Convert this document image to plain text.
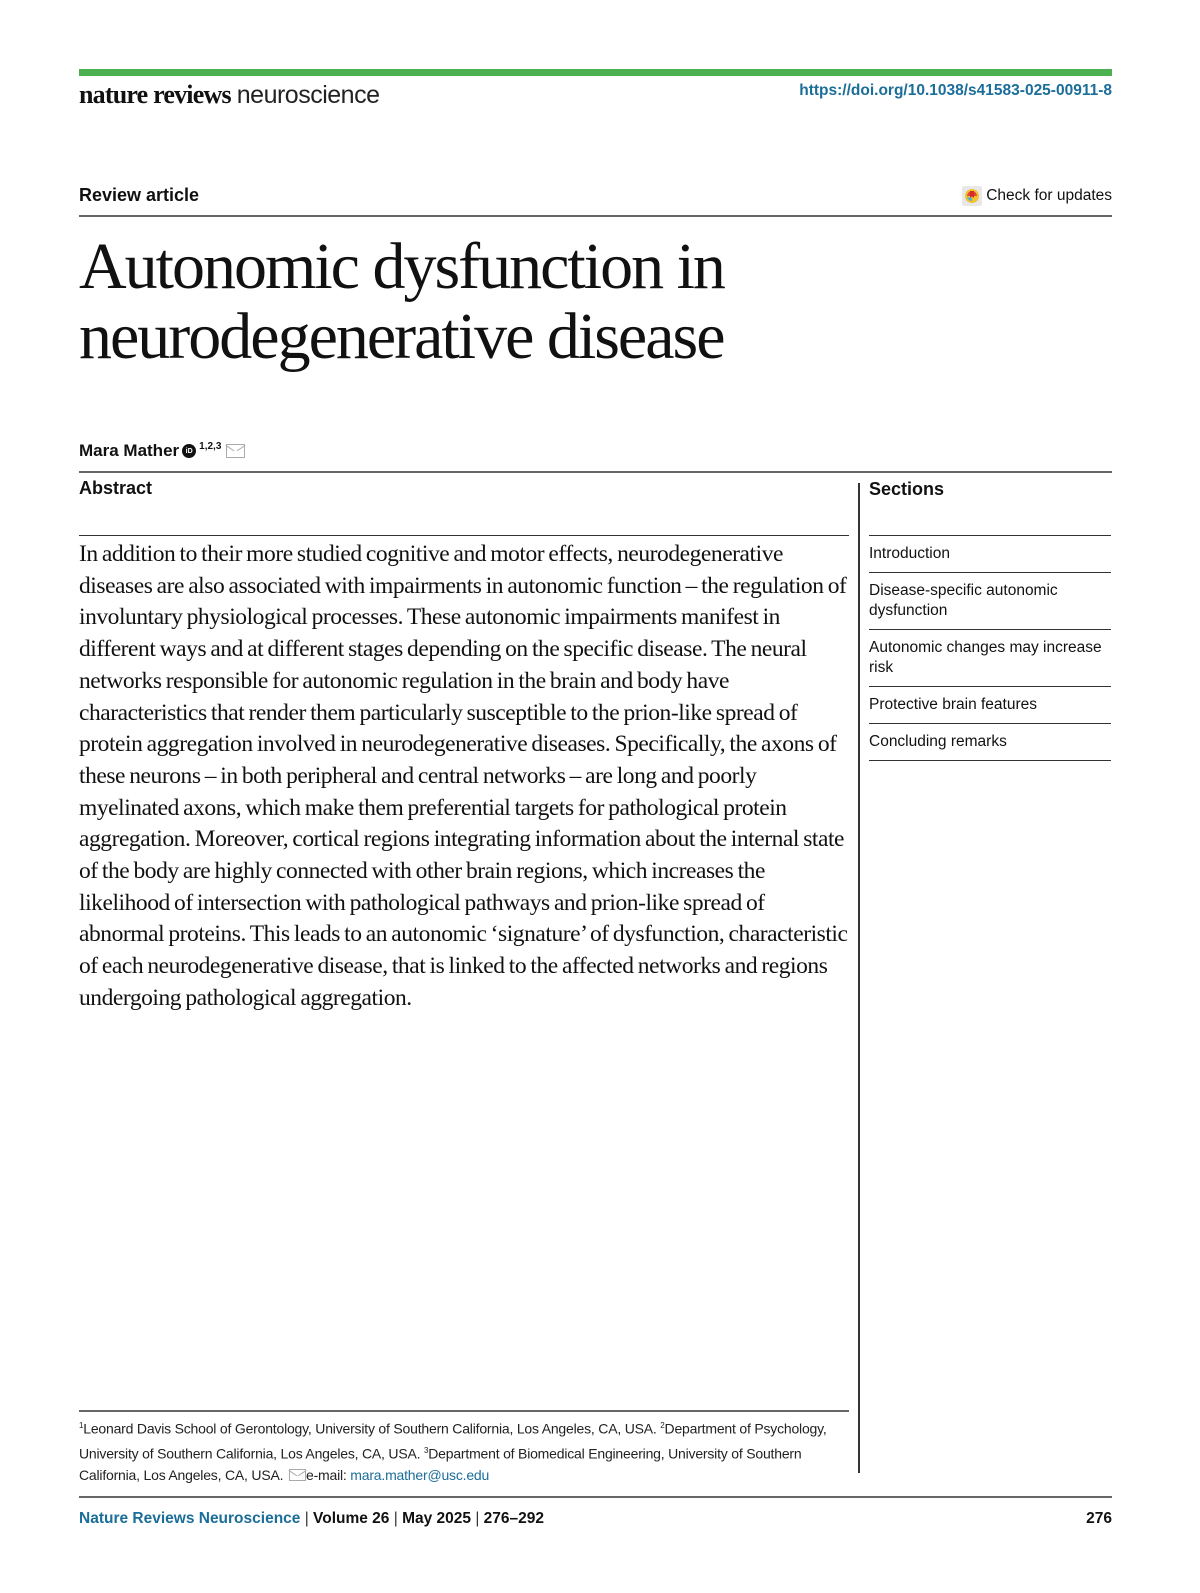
nature reviews neuroscience	https://doi.org/10.1038/s41583-025-00911-8
Review article	Check for updates
Autonomic dysfunction in
neurodegenerative disease
Mara Mather iD $^{1,2,3}$
Abstract

In addition to their more studied cognitive and motor effects, neurodegenerative diseases are also associated with impairments in autonomic function – the regulation of involuntary physiological processes. These autonomic impairments manifest in different ways and at different stages depending on the specific disease. The neural networks responsible for autonomic regulation in the brain and body have characteristics that render them particularly susceptible to the prion-like spread of protein aggregation involved in neurodegenerative diseases. Specifically, the axons of these neurons – in both peripheral and central networks – are long and poorly myelinated axons, which make them preferential targets for pathological protein aggregation. Moreover, cortical regions integrating information about the internal state of the body are highly connected with other brain regions, which increases the likelihood of intersection with pathological pathways and prion-like spread of abnormal proteins. This leads to an autonomic ‘signature’ of dysfunction, characteristic of each neurodegenerative disease, that is linked to the affected networks and regions undergoing pathological aggregation.

Sections
Introduction
Disease-specific autonomic dysfunction
Autonomic changes may increase risk
Protective brain features
Concluding remarks

$^1$Leonard Davis School of Gerontology, University of Southern California, Los Angeles, CA, USA. $^2$Department of Psychology, University of Southern California, Los Angeles, CA, USA. $^3$Department of Biomedical Engineering, University of Southern California, Los Angeles, CA, USA. e-mail: mara.mather@usc.edu

Nature Reviews Neuroscience | Volume 26 | May 2025 | 276–292	276
